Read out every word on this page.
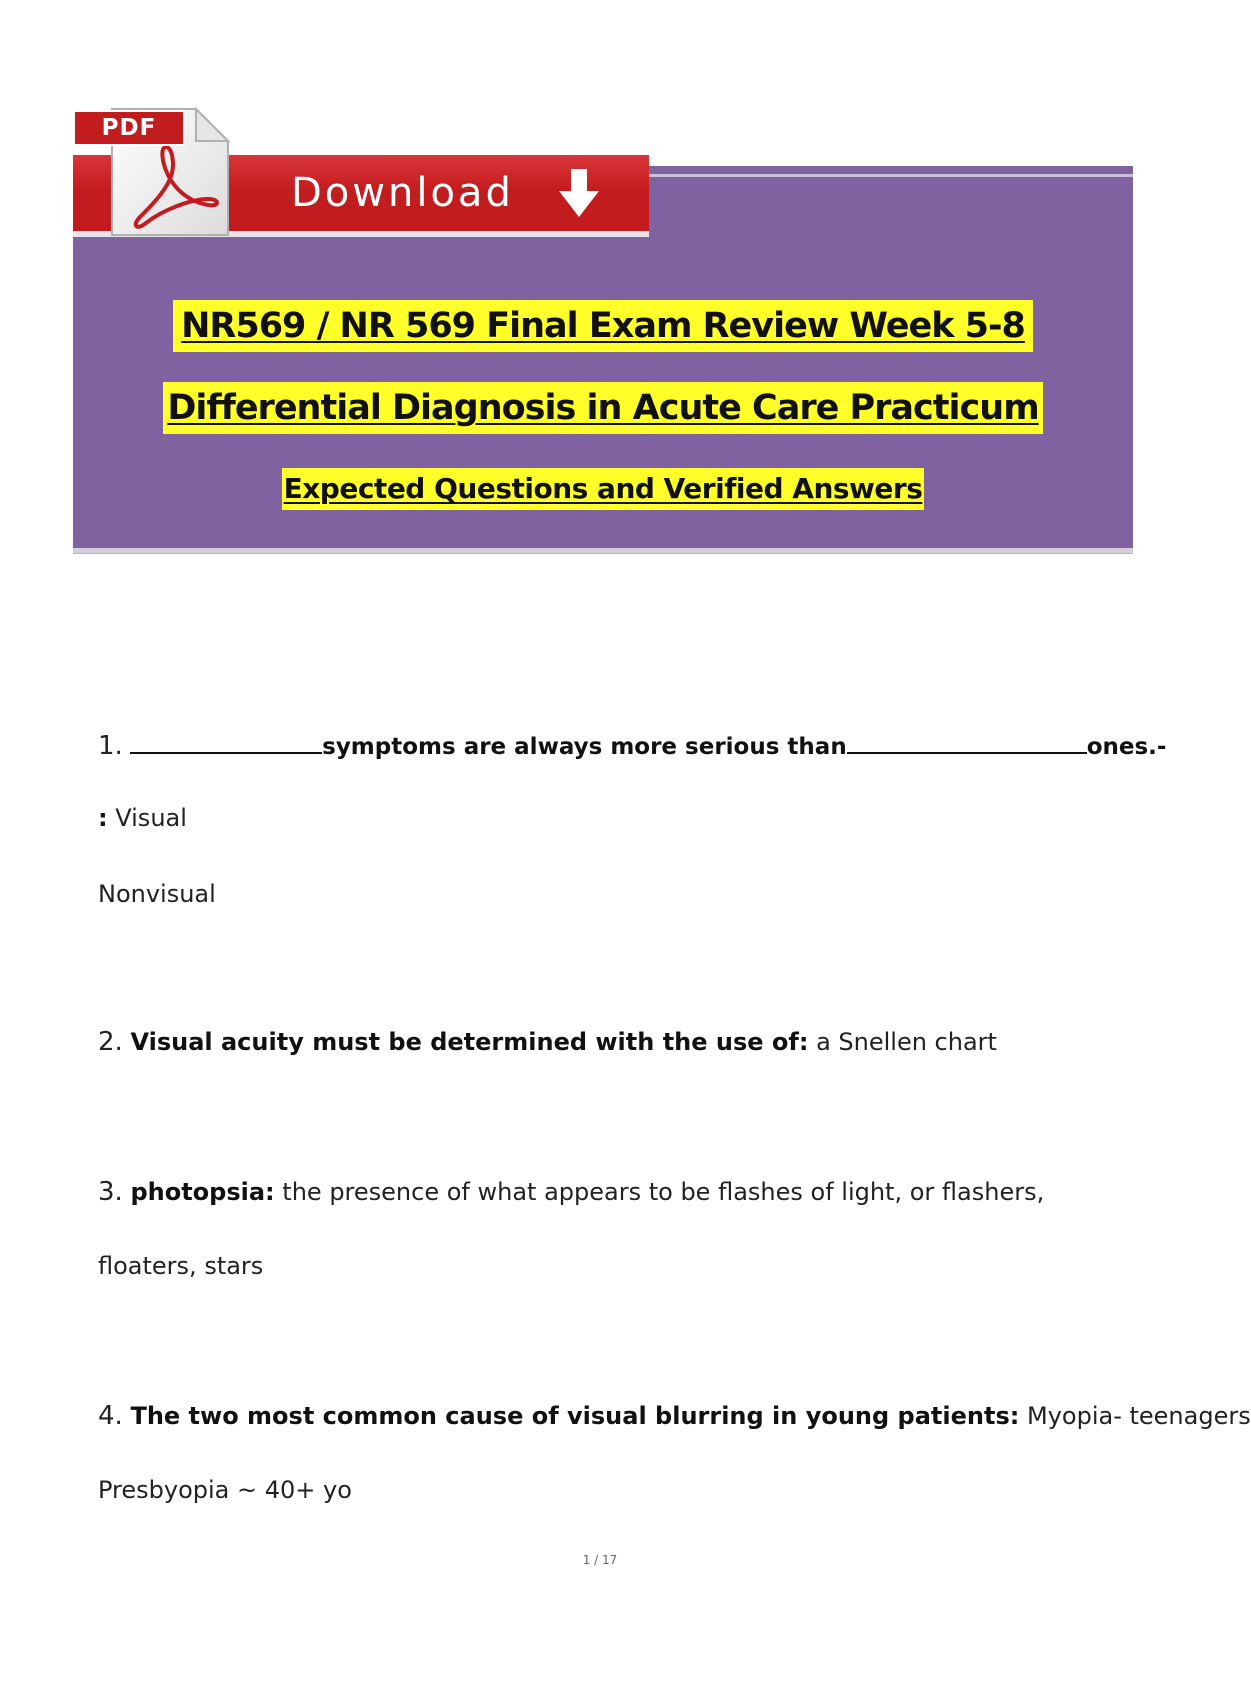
Download
PDF
NR569 / NR 569 Final Exam Review Week 5-8
Differential Diagnosis in Acute Care Practicum
Expected Questions and Verified Answers
1.	symptoms are always more serious than	ones.-
: Visual
Nonvisual
2. Visual acuity must be determined with the use of: a Snellen chart
3. photopsia: the presence of what appears to be flashes of light, or flashers,
floaters, stars
4. The two most common cause of visual blurring in young patients: Myopia- teenagers
Presbyopia ~ 40+ yo
1 / 17
